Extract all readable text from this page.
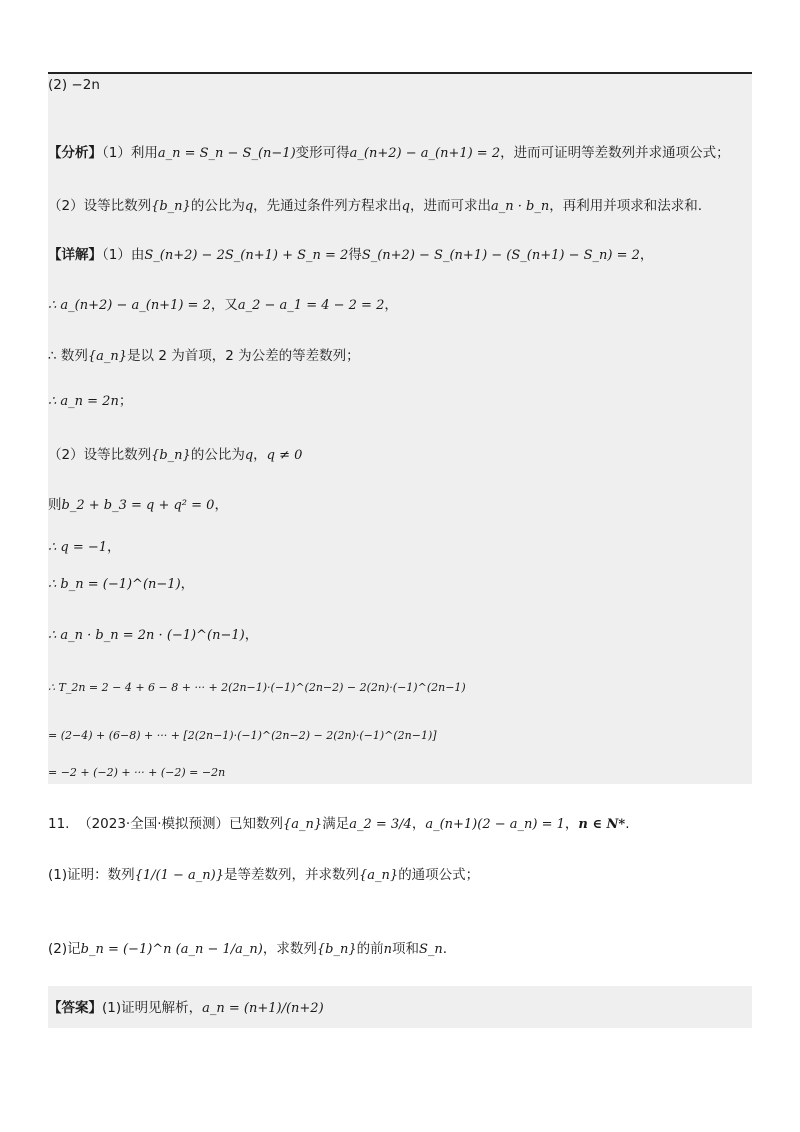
(2) −2n
【分析】（1）利用a_n = S_n − S_(n−1)变形可得a_(n+2) − a_(n+1) = 2，进而可证明等差数列并求通项公式；
（2）设等比数列{b_n}的公比为q，先通过条件列方程求出q，进而可求出a_n · b_n，再利用并项求和法求和.
【详解】（1）由S_(n+2) − 2S_(n+1) + S_n = 2得S_(n+2) − S_(n+1) − (S_(n+1) − S_n) = 2，
∴ a_(n+2) − a_(n+1) = 2，又a_2 − a_1 = 4 − 2 = 2，
∴ 数列{a_n}是以 2 为首项，2 为公差的等差数列；
∴ a_n = 2n；
（2）设等比数列{b_n}的公比为q，q ≠ 0
则b_2 + b_3 = q + q² = 0，
∴ q = −1，
∴ b_n = (−1)^(n−1)，
∴ a_n · b_n = 2n · (−1)^(n−1)，
∴ T_2n = 2 − 4 + 6 − 8 + ··· + 2(2n−1)·(−1)^(2n−2) − 2(2n)·(−1)^(2n−1)
= (2−4) + (6−8) + ··· + [2(2n−1)·(−1)^(2n−2) − 2(2n)·(−1)^(2n−1)]
= −2 + (−2) + ··· + (−2) = −2n
11. （2023·全国·模拟预测）已知数列{a_n}满足a_2 = 3/4，a_(n+1)(2 − a_n) = 1，n ∈ N*.
(1)证明：数列{1/(1 − a_n)}是等差数列，并求数列{a_n}的通项公式；
(2)记b_n = (−1)^n (a_n − 1/a_n)，求数列{b_n}的前n项和S_n.
【答案】(1)证明见解析，a_n = (n+1)/(n+2)
